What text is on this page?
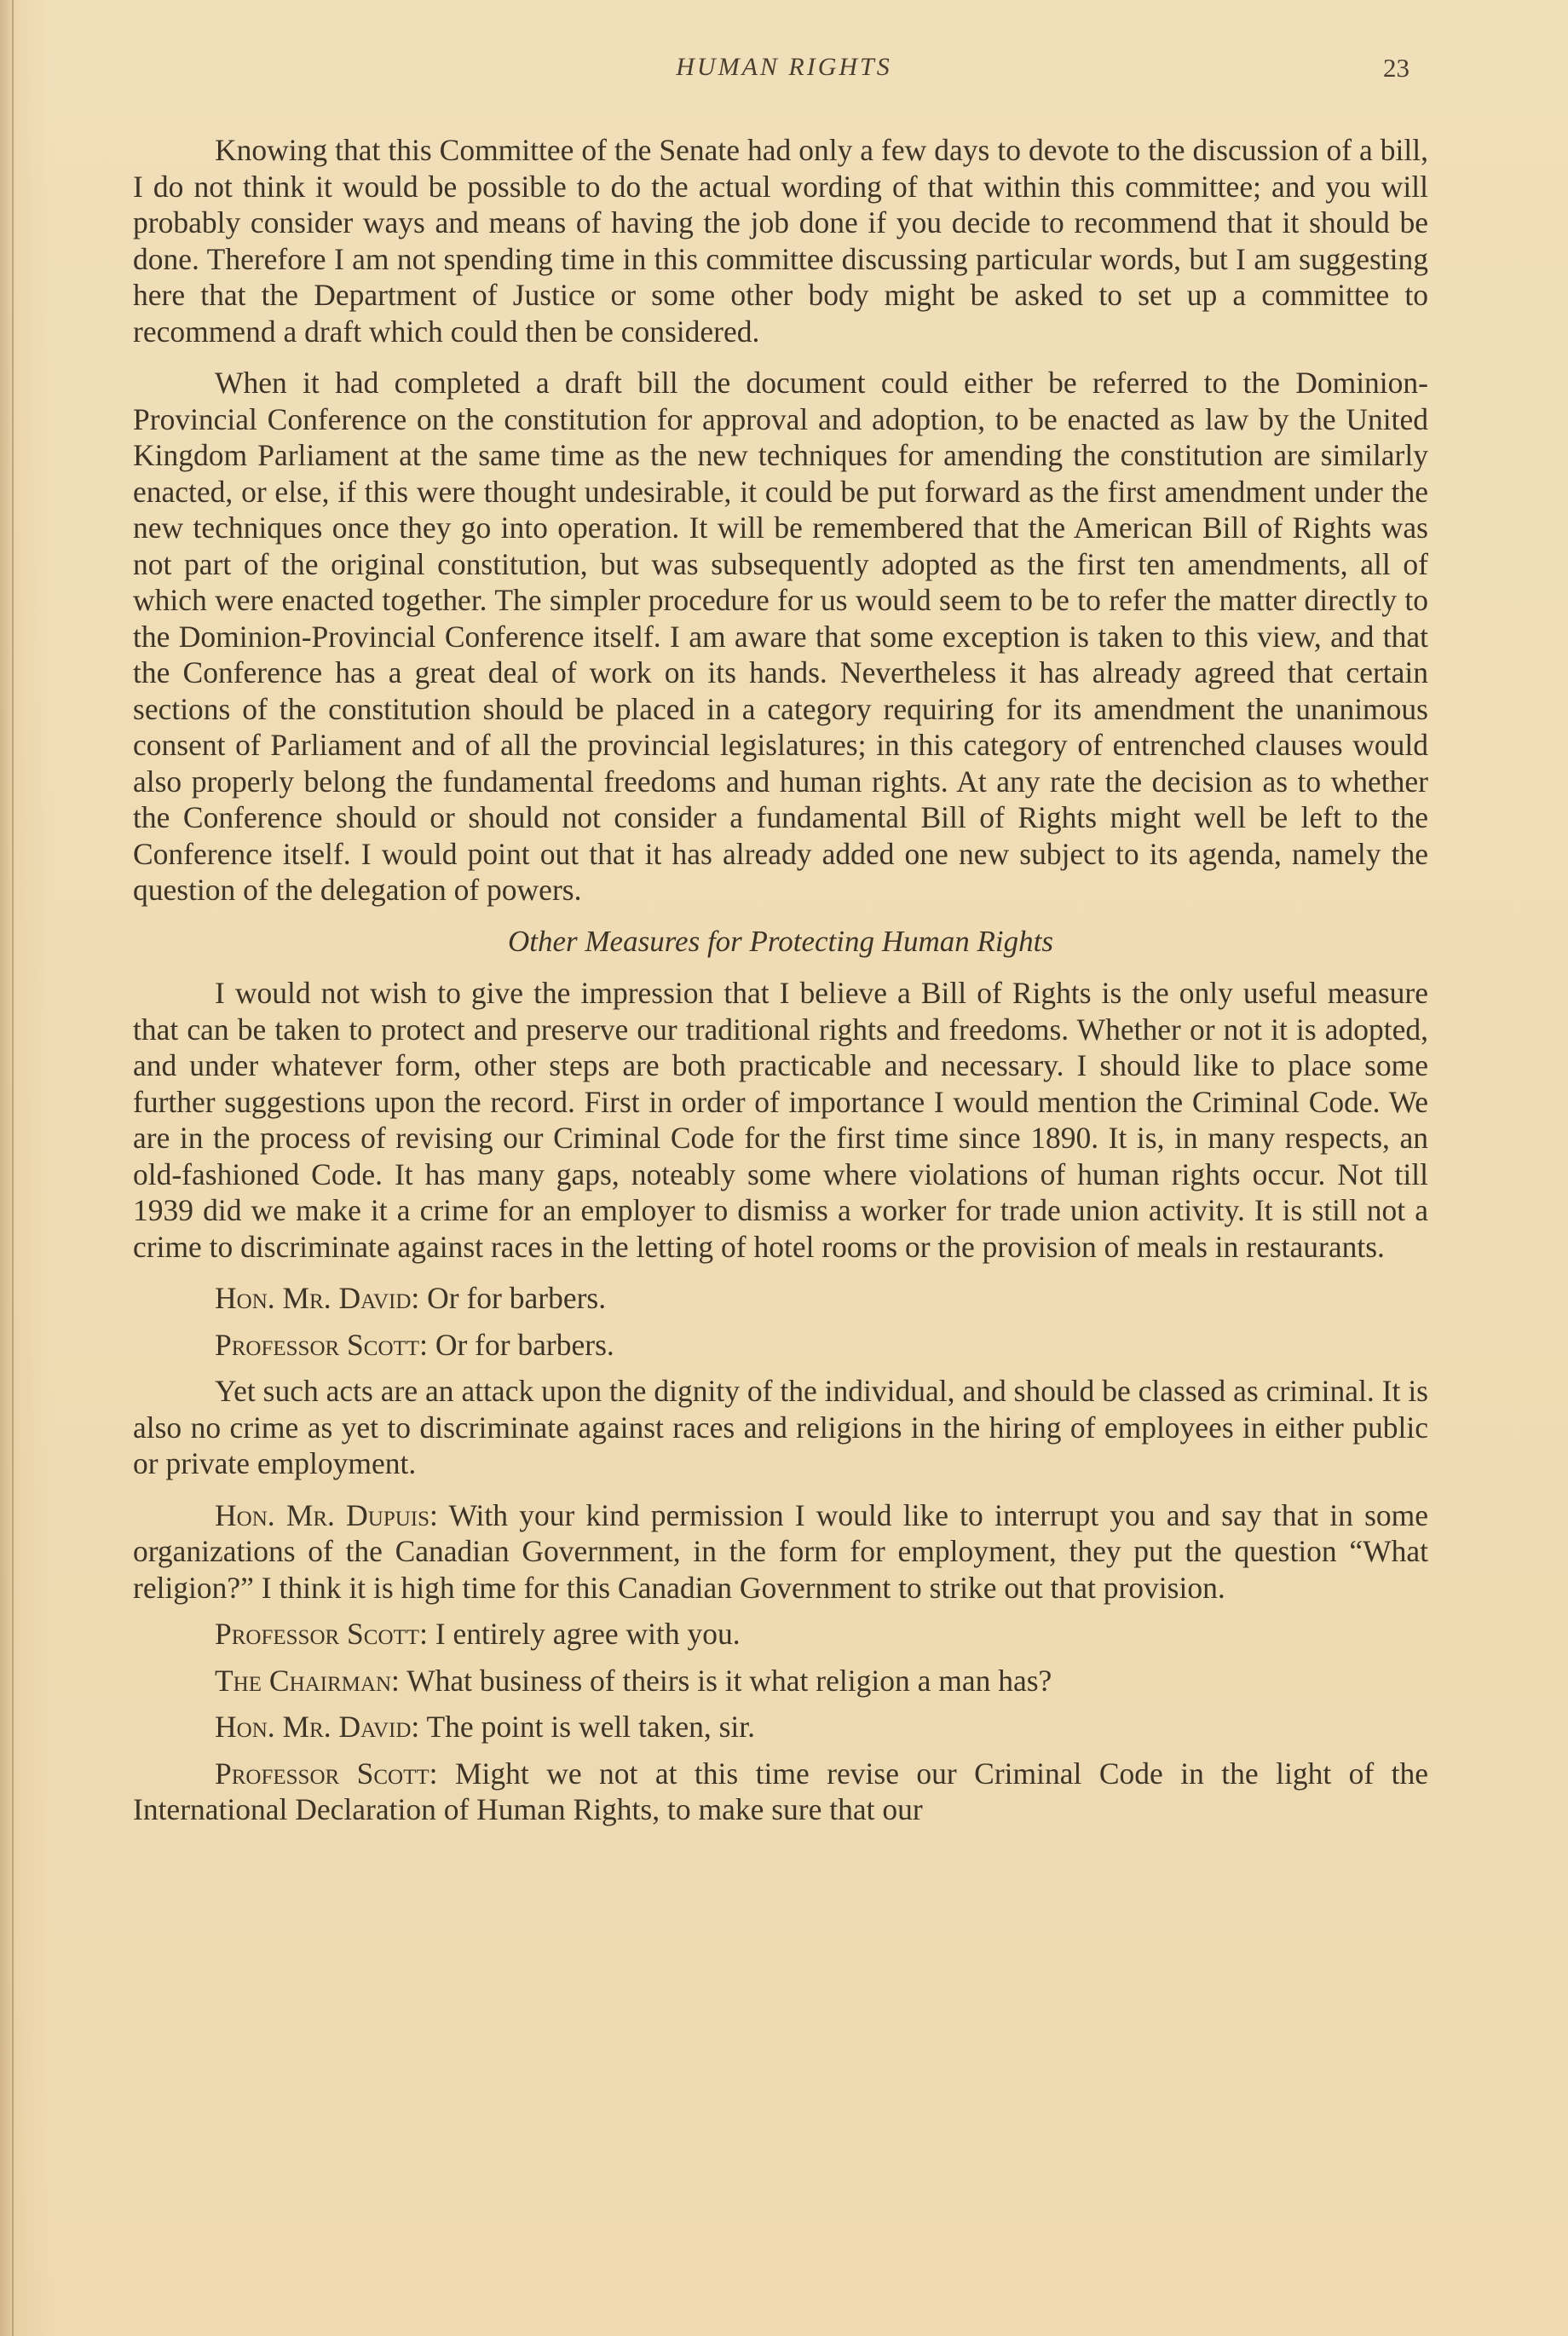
HUMAN RIGHTS	23

Knowing that this Committee of the Senate had only a few days to devote to the discussion of a bill, I do not think it would be possible to do the actual wording of that within this committee; and you will probably consider ways and means of having the job done if you decide to recommend that it should be done. Therefore I am not spending time in this committee discussing particular words, but I am suggesting here that the Department of Justice or some other body might be asked to set up a committee to recommend a draft which could then be considered.

When it had completed a draft bill the document could either be referred to the Dominion-Provincial Conference on the constitution for approval and adoption, to be enacted as law by the United Kingdom Parliament at the same time as the new techniques for amending the constitution are similarly enacted, or else, if this were thought undesirable, it could be put forward as the first amendment under the new techniques once they go into operation. It will be remembered that the American Bill of Rights was not part of the original constitution, but was subsequently adopted as the first ten amendments, all of which were enacted together. The simpler procedure for us would seem to be to refer the matter directly to the Dominion-Provincial Conference itself. I am aware that some exception is taken to this view, and that the Conference has a great deal of work on its hands. Nevertheless it has already agreed that certain sections of the constitution should be placed in a category requiring for its amendment the unanimous consent of Parliament and of all the provincial legislatures; in this category of entrenched clauses would also properly belong the fundamental freedoms and human rights. At any rate the decision as to whether the Conference should or should not consider a fundamental Bill of Rights might well be left to the Conference itself. I would point out that it has already added one new subject to its agenda, namely the question of the delegation of powers.

Other Measures for Protecting Human Rights

I would not wish to give the impression that I believe a Bill of Rights is the only useful measure that can be taken to protect and preserve our traditional rights and freedoms. Whether or not it is adopted, and under whatever form, other steps are both practicable and necessary. I should like to place some further suggestions upon the record. First in order of importance I would mention the Criminal Code. We are in the process of revising our Criminal Code for the first time since 1890. It is, in many respects, an old-fashioned Code. It has many gaps, noteably some where violations of human rights occur. Not till 1939 did we make it a crime for an employer to dismiss a worker for trade union activity. It is still not a crime to discriminate against races in the letting of hotel rooms or the provision of meals in restaurants.

Hon. Mr. David: Or for barbers.

Professor Scott: Or for barbers.

Yet such acts are an attack upon the dignity of the individual, and should be classed as criminal. It is also no crime as yet to discriminate against races and religions in the hiring of employees in either public or private employment.

Hon. Mr. Dupuis: With your kind permission I would like to interrupt you and say that in some organizations of the Canadian Government, in the form for employment, they put the question “What religion?” I think it is high time for this Canadian Government to strike out that provision.

Professor Scott: I entirely agree with you.

The Chairman: What business of theirs is it what religion a man has?

Hon. Mr. David: The point is well taken, sir.

Professor Scott: Might we not at this time revise our Criminal Code in the light of the International Declaration of Human Rights, to make sure that our
